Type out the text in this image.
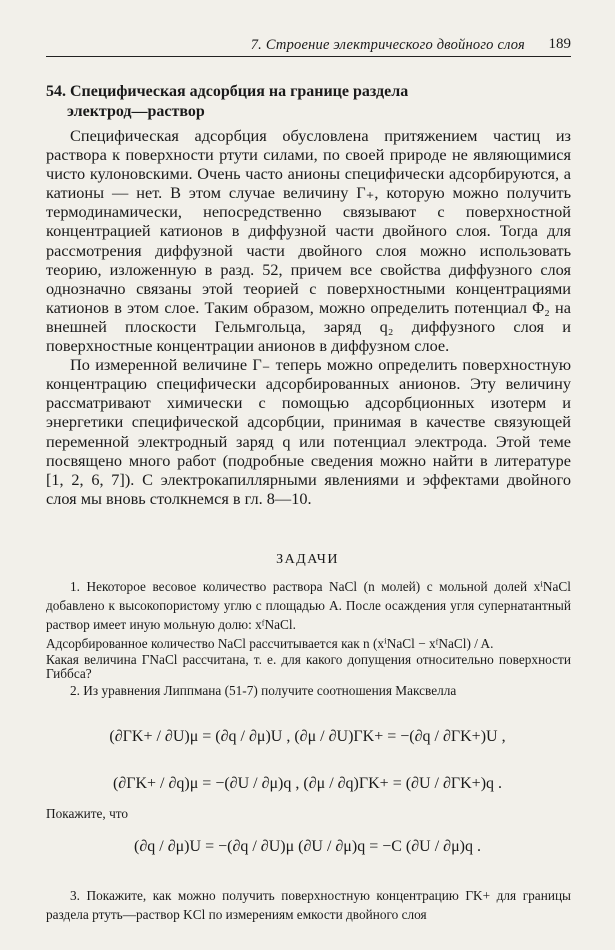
7. Строение электрического двойного слоя 189
54. Специфическая адсорбция на границе раздела
электрод—раствор

Специфическая адсорбция обусловлена притяжением частиц из раствора к поверхности ртути силами, по своей природе не являющимися чисто кулоновскими. Очень часто анионы специфически адсорбируются, а катионы — нет. В этом случае величину Γ₊, которую можно получить термодинамически, непосредственно связывают с поверхностной концентрацией катионов в диффузной части двойного слоя. Тогда для рассмотрения диффузной части двойного слоя можно использовать теорию, изложенную в разд. 52, причем все свойства диффузного слоя однозначно связаны этой теорией с поверхностными концентрациями катионов в этом слое. Таким образом, можно определить потенциал Φ₂ на внешней плоскости Гельмгольца, заряд q₂ диффузного слоя и поверхностные концентрации анионов в диффузном слое.

По измеренной величине Γ₋ теперь можно определить поверхностную концентрацию специфически адсорбированных анионов. Эту величину рассматривают химически с помощью адсорбционных изотерм и энергетики специфической адсорбции, принимая в качестве связующей переменной электродный заряд q или потенциал электрода. Этой теме посвящено много работ (подробные сведения можно найти в литературе [1, 2, 6, 7]). С электрокапиллярными явлениями и эффектами двойного слоя мы вновь столкнемся в гл. 8—10.

ЗАДАЧИ

1. Некоторое весовое количество раствора NaCl (n молей) с мольной долей xⁱNaCl добавлено к высокопористому углю с площадью A. После осаждения угля супернатантный раствор имеет иную мольную долю: xᶠNaCl.

Адсорбированное количество NaCl рассчитывается как n (xⁱNaCl − xᶠNaCl) / A.

Какая величина ΓNaCl рассчитана, т. е. для какого допущения относительно поверхности Гиббса?

2. Из уравнения Липпмана (51-7) получите соотношения Максвелла

(∂ΓK+ / ∂U)μ = (∂q / ∂μ)U , (∂μ / ∂U)ΓK+ = −(∂q / ∂ΓK+)U ,
(∂ΓK+ / ∂q)μ = −(∂U / ∂μ)q , (∂μ / ∂q)ΓK+ = (∂U / ∂ΓK+)q .
Покажите, что
(∂q / ∂μ)U = −(∂q / ∂U)μ (∂U / ∂μ)q = −C (∂U / ∂μ)q .

3. Покажите, как можно получить поверхностную концентрацию ΓK+ для границы раздела ртуть—раствор KCl по измерениям емкости двойного слоя
